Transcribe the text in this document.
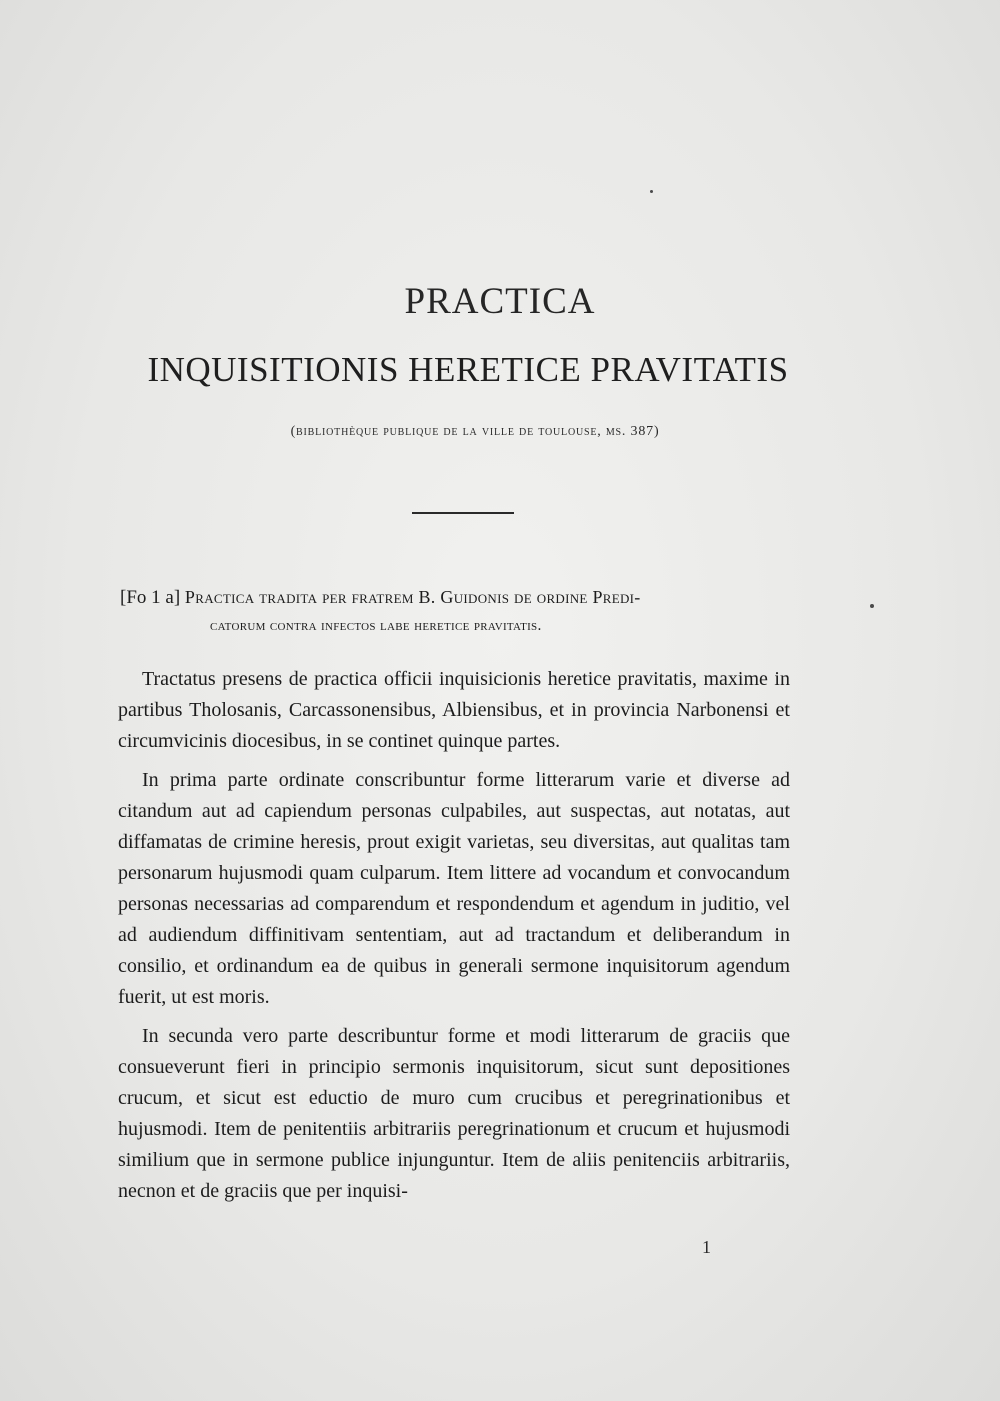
PRACTICA
INQUISITIONIS HERETICE PRAVITATIS
(bibliothèque publique de la ville de toulouse, ms. 387)
[Fo 1 a] Practica tradita per fratrem B. Guidonis de ordine Predi-
catorum contra infectos labe heretice pravitatis.

Tractatus presens de practica officii inquisicionis heretice pravitatis, maxime in partibus Tholosanis, Carcassonensibus, Albiensibus, et in provincia Narbonensi et circumvicinis diocesibus, in se continet quinque partes.

In prima parte ordinate conscribuntur forme litterarum varie et diverse ad citandum aut ad capiendum personas culpabiles, aut suspectas, aut notatas, aut diffamatas de crimine heresis, prout exigit varietas, seu diversitas, aut qualitas tam personarum hujusmodi quam culparum. Item littere ad vocandum et convocandum personas necessarias ad comparendum et respondendum et agendum in juditio, vel ad audiendum diffinitivam sententiam, aut ad tractandum et deliberandum in consilio, et ordinandum ea de quibus in generali sermone inquisitorum agendum fuerit, ut est moris.

In secunda vero parte describuntur forme et modi litterarum de graciis que consueverunt fieri in principio sermonis inquisitorum, sicut sunt depositiones crucum, et sicut est eductio de muro cum crucibus et peregrinationibus et hujusmodi. Item de penitentiis arbitrariis peregrinationum et crucum et hujusmodi similium que in sermone publice injunguntur. Item de aliis penitenciis arbitrariis, necnon et de graciis que per inquisi-

1
